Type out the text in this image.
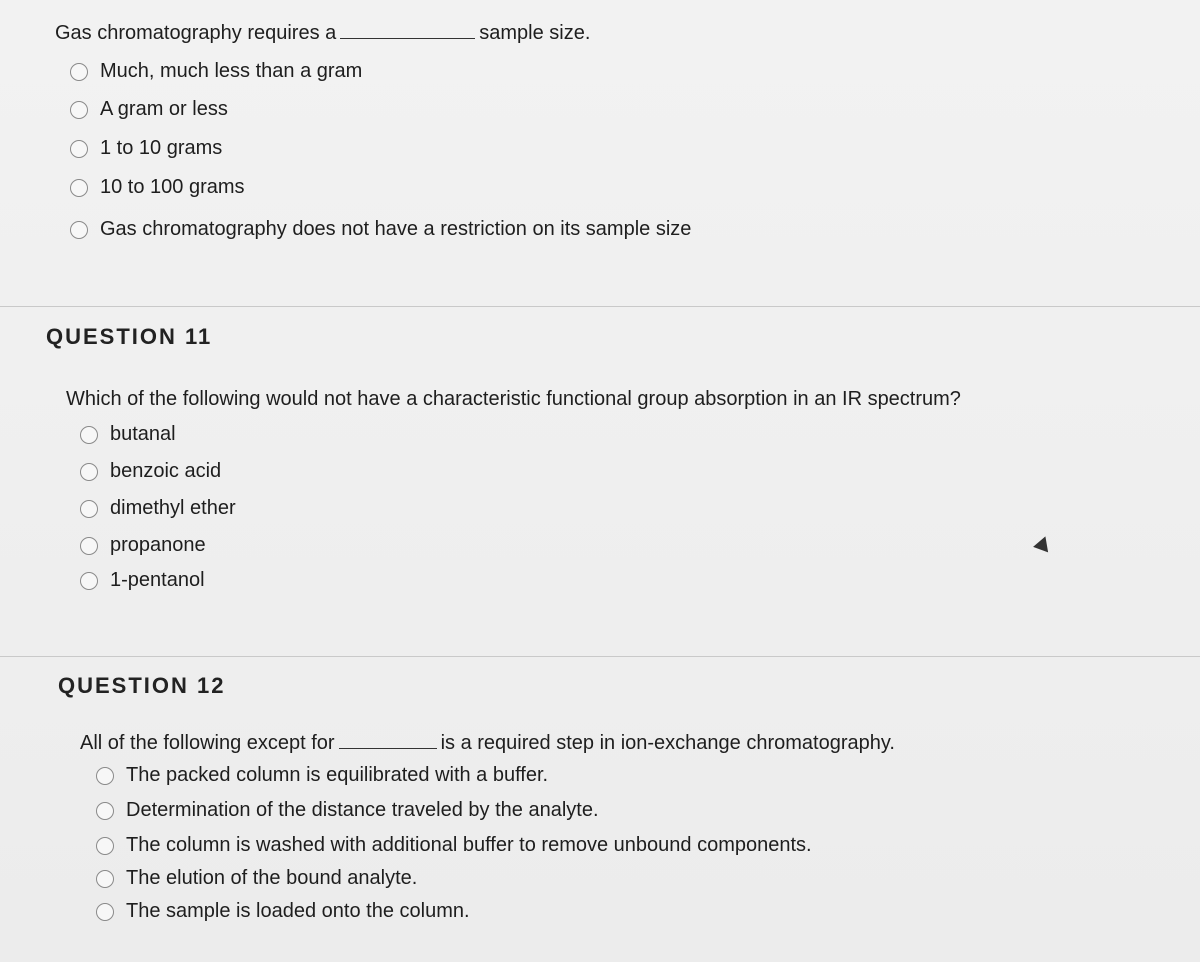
Gas chromatography requires a	sample size.
Much, much less than a gram
A gram or less
1 to 10 grams
10 to 100 grams
Gas chromatography does not have a restriction on its sample size
QUESTION 11
Which of the following would not have a characteristic functional group absorption in an IR spectrum?
butanal
benzoic acid
dimethyl ether
propanone
1-pentanol
QUESTION 12
All of the following except for	is a required step in ion-exchange chromatography.
The packed column is equilibrated with a buffer.
Determination of the distance traveled by the analyte.
The column is washed with additional buffer to remove unbound components.
The elution of the bound analyte.
The sample is loaded onto the column.
